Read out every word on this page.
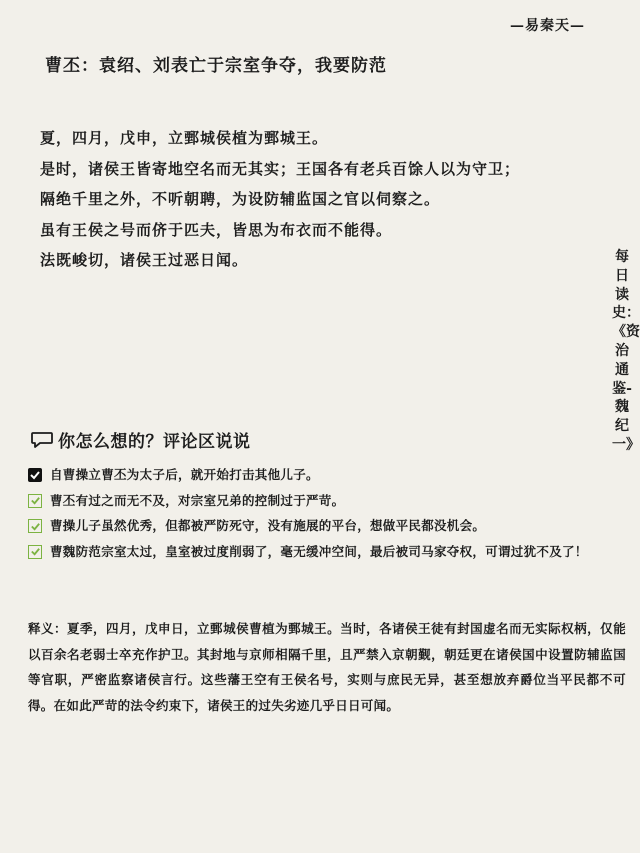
—易秦天—
曹丕：袁绍、刘表亡于宗室争夺，我要防范
夏，四月，戊申，立鄄城侯植为鄄城王。
是时，诸侯王皆寄地空名而无其实；王国各有老兵百馀人以为守卫；
隔绝千里之外，不听朝聘，为设防辅监国之官以伺察之。
虽有王侯之号而侪于匹夫，皆思为布衣而不能得。
法既峻切，诸侯王过恶日闻。	每日读史：《资治通鉴-魏纪一》
你怎么想的？评论区说说
自曹操立曹丕为太子后，就开始打击其他儿子。
曹丕有过之而无不及，对宗室兄弟的控制过于严苛。
曹操儿子虽然优秀，但都被严防死守，没有施展的平台，想做平民都没机会。
曹魏防范宗室太过，皇室被过度削弱了，毫无缓冲空间，最后被司马家夺权，可谓过犹不及了！
释义：夏季，四月，戊申日，立鄄城侯曹植为鄄城王。当时，各诸侯王徒有封国虚名而无实际权柄，仅能以百余名老弱士卒充作护卫。其封地与京师相隔千里，且严禁入京朝觐，朝廷更在诸侯国中设置防辅监国等官职，严密监察诸侯言行。这些藩王空有王侯名号，实则与庶民无异，甚至想放弃爵位当平民都不可得。在如此严苛的法令约束下，诸侯王的过失劣迹几乎日日可闻。
